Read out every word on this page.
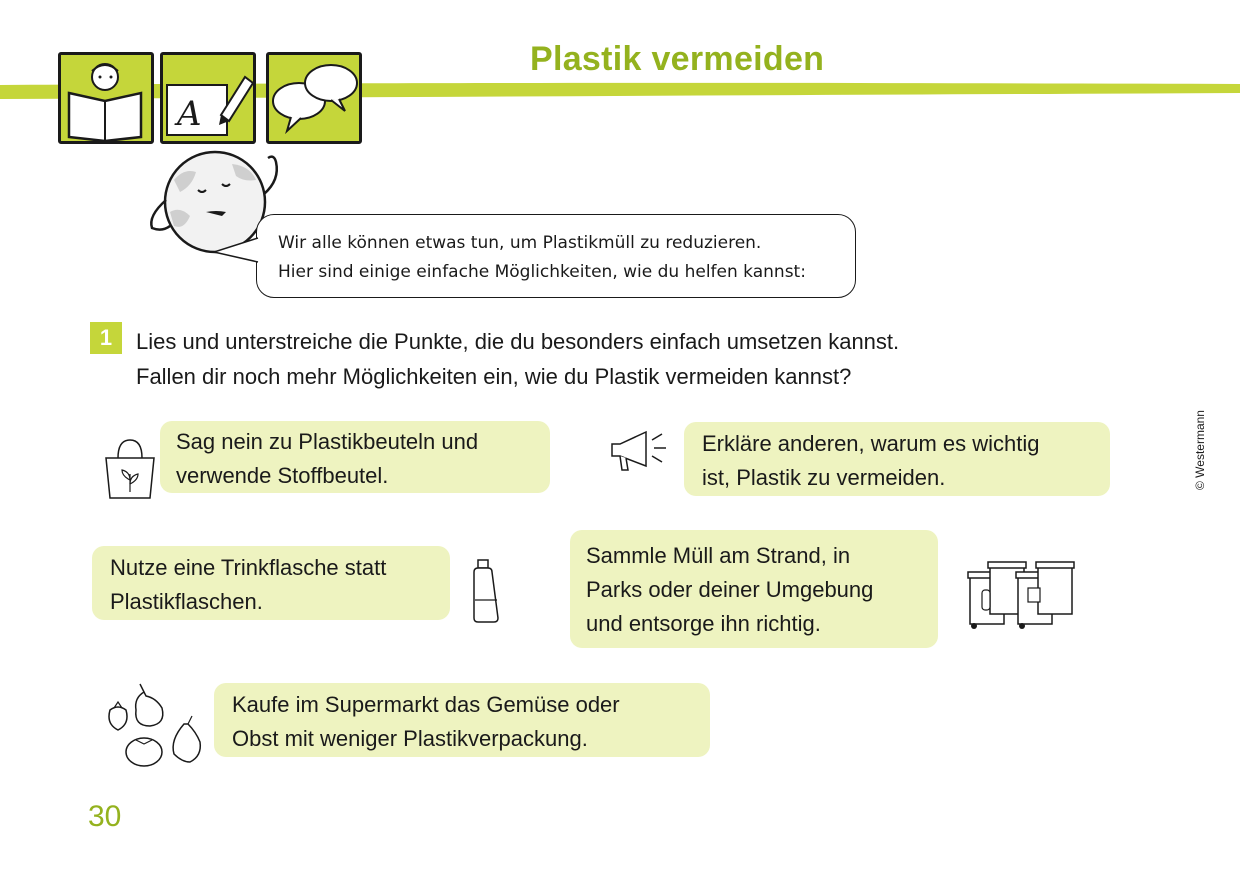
Plastik vermeiden
A
Wir alle können etwas tun, um Plastikmüll zu reduzieren.
Hier sind einige einfache Möglichkeiten, wie du helfen kannst:
1	Lies und unterstreiche die Punkte, die du besonders einfach umsetzen kannst.
Fallen dir noch mehr Möglichkeiten ein, wie du Plastik vermeiden kannst?
Sag nein zu Plastikbeuteln und
verwende Stoffbeutel.
Erkläre anderen, warum es wichtig
ist, Plastik zu vermeiden.
Nutze eine Trinkflasche statt
Plastikflaschen.
Sammle Müll am Strand, in
Parks oder deiner Umgebung
und entsorge ihn richtig.
Kaufe im Supermarkt das Gemüse oder
Obst mit weniger Plastikverpackung.
© Westermann
30
